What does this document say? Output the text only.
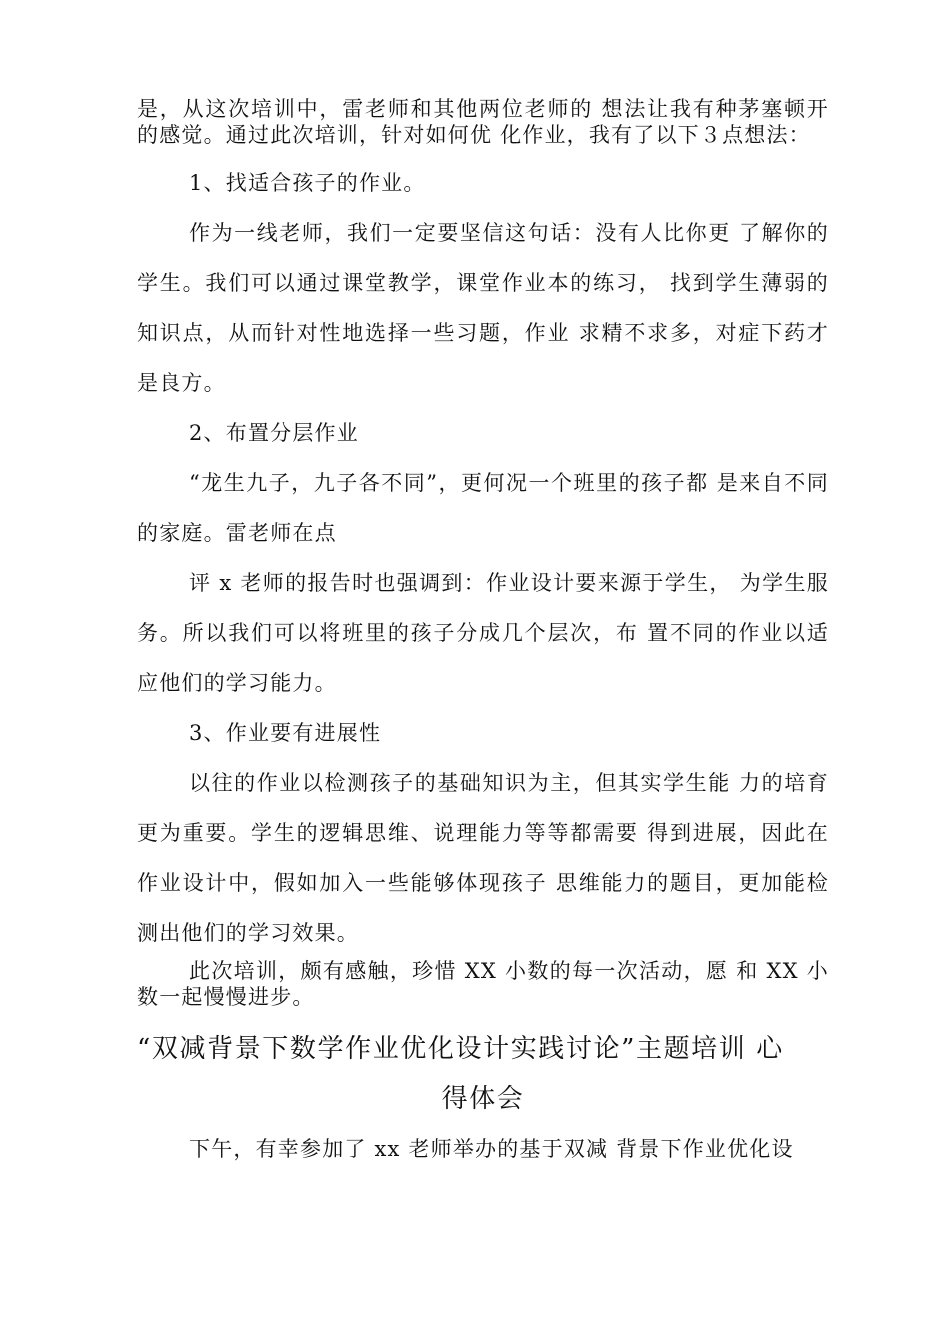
是，从这次培训中，雷老师和其他两位老师的 想法让我有种茅塞顿开的感觉。通过此次培训，针对如何优 化作业，我有了以下３点想法：

1、找适合孩子的作业。

作为一线老师，我们一定要坚信这句话：没有人比你更 了解你的学生。我们可以通过课堂教学，课堂作业本的练习， 找到学生薄弱的知识点，从而针对性地选择一些习题，作业 求精不求多，对症下药才是良方。

2、布置分层作业

“龙生九子，九子各不同”，更何况一个班里的孩子都 是来自不同的家庭。雷老师在点

评 x 老师的报告时也强调到：作业设计要来源于学生， 为学生服务。所以我们可以将班里的孩子分成几个层次，布 置不同的作业以适应他们的学习能力。

3、作业要有进展性

以往的作业以检测孩子的基础知识为主，但其实学生能 力的培育更为重要。学生的逻辑思维、说理能力等等都需要 得到进展，因此在作业设计中，假如加入一些能够体现孩子 思维能力的题目，更加能检测出他们的学习效果。

此次培训，颇有感触，珍惜 XX 小数的每一次活动，愿 和 XX 小数一起慢慢进步。

“双减背景下数学作业优化设计实践讨论”主题培训 心
得体会

下午，有幸参加了 xx 老师举办的基于双减 背景下作业优化设
